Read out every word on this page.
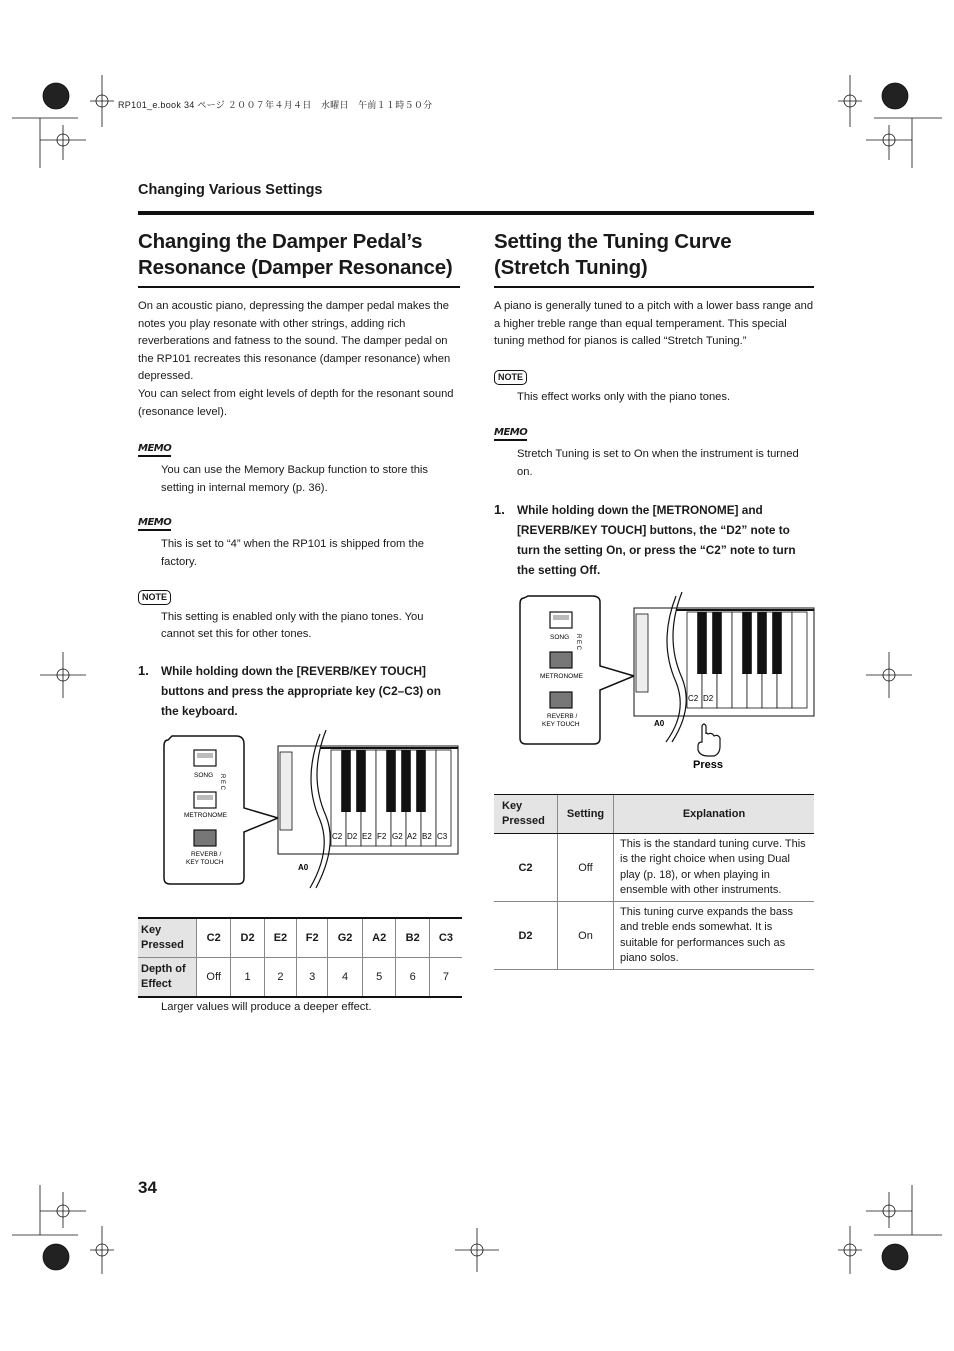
RP101_e.book 34 ページ ２００７年４月４日　水曜日　午前１１時５０分
Changing Various Settings
Changing the Damper Pedal’s
Resonance (Damper Resonance)

On an acoustic piano, depressing the damper pedal makes the notes you play resonate with other strings, adding rich reverberations and fatness to the sound. The damper pedal on the RP101 recreates this resonance (damper resonance) when depressed.

You can select from eight levels of depth for the resonant sound (resonance level).

MEMO

You can use the Memory Backup function to store this setting in internal memory (p. 36).

MEMO

This is set to “4” when the RP101 is shipped from the factory.

NOTE

This setting is enabled only with the piano tones. You cannot set this for other tones.

1. While holding down the [REVERB/KEY TOUCH] buttons and press the appropriate key (C2–C3) on the keyboard.
SONG R E C
METRONOME
REVERB /
KEY TOUCH
A0
C2 D2 E2 F2 G2 A2 B2 C3
Key Pressed	C2	D2	E2	F2	G2	A2	B2	C3
Depth of Effect	Off	1	2	3	4	5	6	7

Larger values will produce a deeper effect.

Setting the Tuning Curve
(Stretch Tuning)

A piano is generally tuned to a pitch with a lower bass range and a higher treble range than equal temperament. This special tuning method for pianos is called “Stretch Tuning.”

NOTE

This effect works only with the piano tones.

MEMO

Stretch Tuning is set to On when the instrument is turned on.

1. While holding down the [METRONOME] and [REVERB/KEY TOUCH] buttons, the “D2” note to turn the setting On, or press the “C2” note to turn the setting Off.
SONG R E C
METRONOME
REVERB /
KEY TOUCH	A0
C2 D2
Press
Key Pressed	Setting	Explanation
C2	Off	This is the standard tuning curve. This is the right choice when using Dual play (p. 18), or when playing in ensemble with other instruments.
D2	On	This tuning curve expands the bass and treble ends somewhat. It is suitable for performances such as piano solos.
34
